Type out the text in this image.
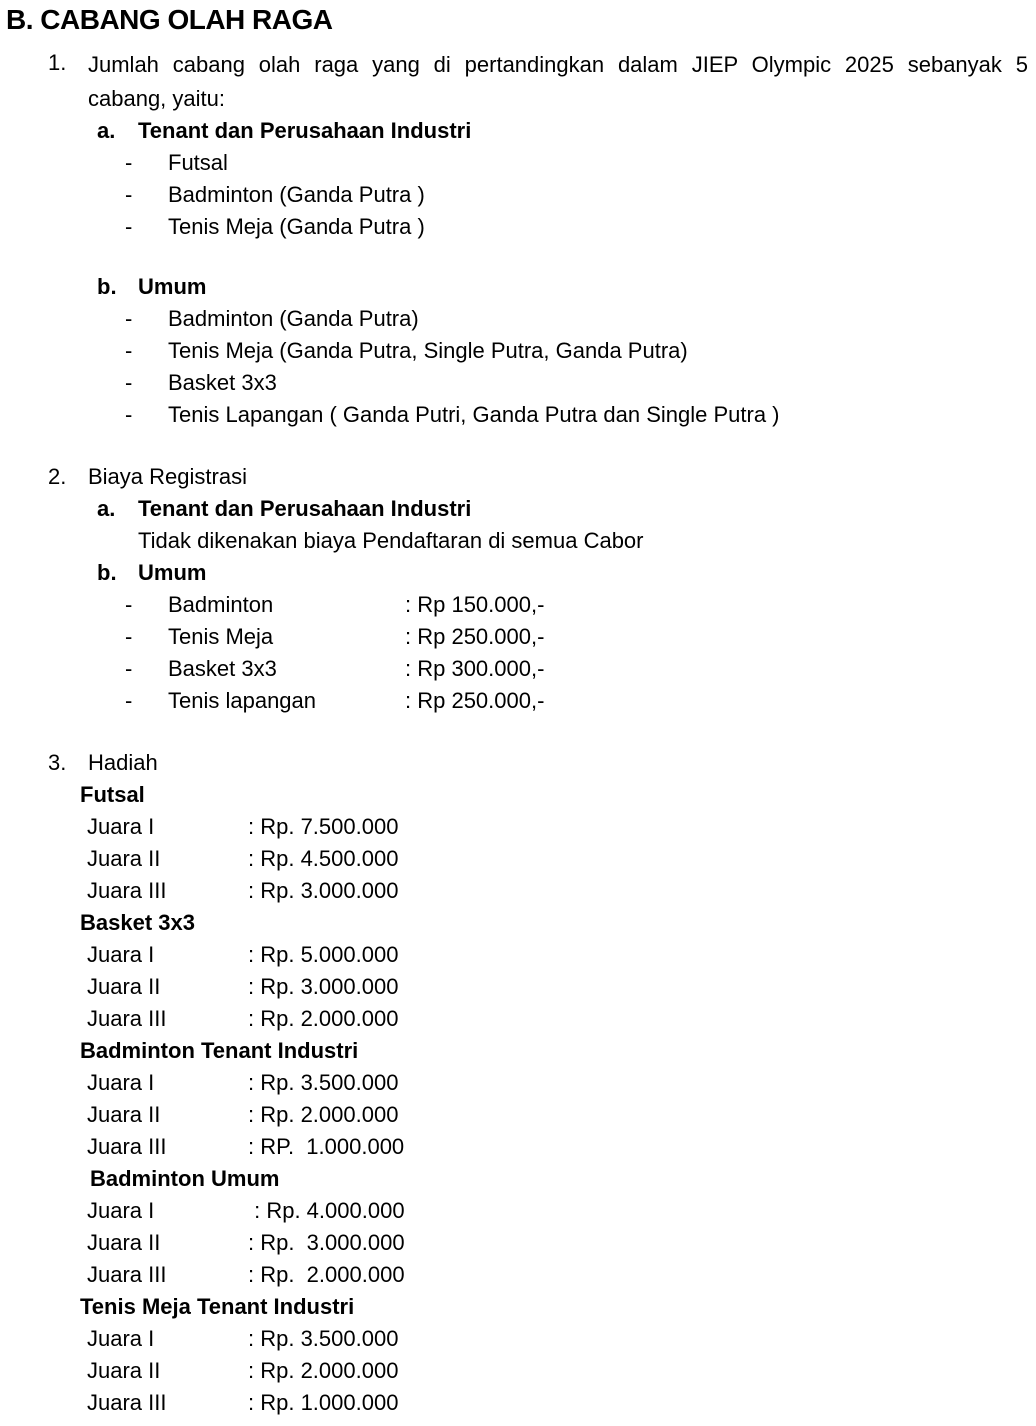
B. CABANG OLAH RAGA
1. Jumlah cabang olah raga yang di pertandingkan dalam JIEP Olympic 2025 sebanyak 5
cabang, yaitu:
a.	Tenant dan Perusahaan Industri
-	Futsal
-	Badminton (Ganda Putra )
-	Tenis Meja (Ganda Putra )
b. Umum
-	Badminton (Ganda Putra)
-	Tenis Meja (Ganda Putra, Single Putra, Ganda Putra)
-	Basket 3x3
-	Tenis Lapangan ( Ganda Putri, Ganda Putra dan Single Putra )
2. Biaya Registrasi
a.	Tenant dan Perusahaan Industri
Tidak dikenakan biaya Pendaftaran di semua Cabor
b. Umum
-	Badminton	: Rp 150.000,-
-	Tenis Meja	: Rp 250.000,-
-	Basket 3x3	: Rp 300.000,-
-	Tenis lapangan	: Rp 250.000,-
3. Hadiah
Futsal
Juara I	: Rp. 7.500.000
Juara II	: Rp. 4.500.000
Juara III	: Rp. 3.000.000
Basket 3x3
Juara I	: Rp. 5.000.000
Juara II	: Rp. 3.000.000
Juara III	: Rp. 2.000.000
Badminton Tenant Industri
Juara I	: Rp. 3.500.000
Juara II	: Rp. 2.000.000
Juara III	: RP.  1.000.000
Badminton Umum
Juara I	: Rp. 4.000.000
Juara II	: Rp.  3.000.000
Juara III	: Rp.  2.000.000
Tenis Meja Tenant Industri
Juara I	: Rp. 3.500.000
Juara II	: Rp. 2.000.000
Juara III	: Rp. 1.000.000
